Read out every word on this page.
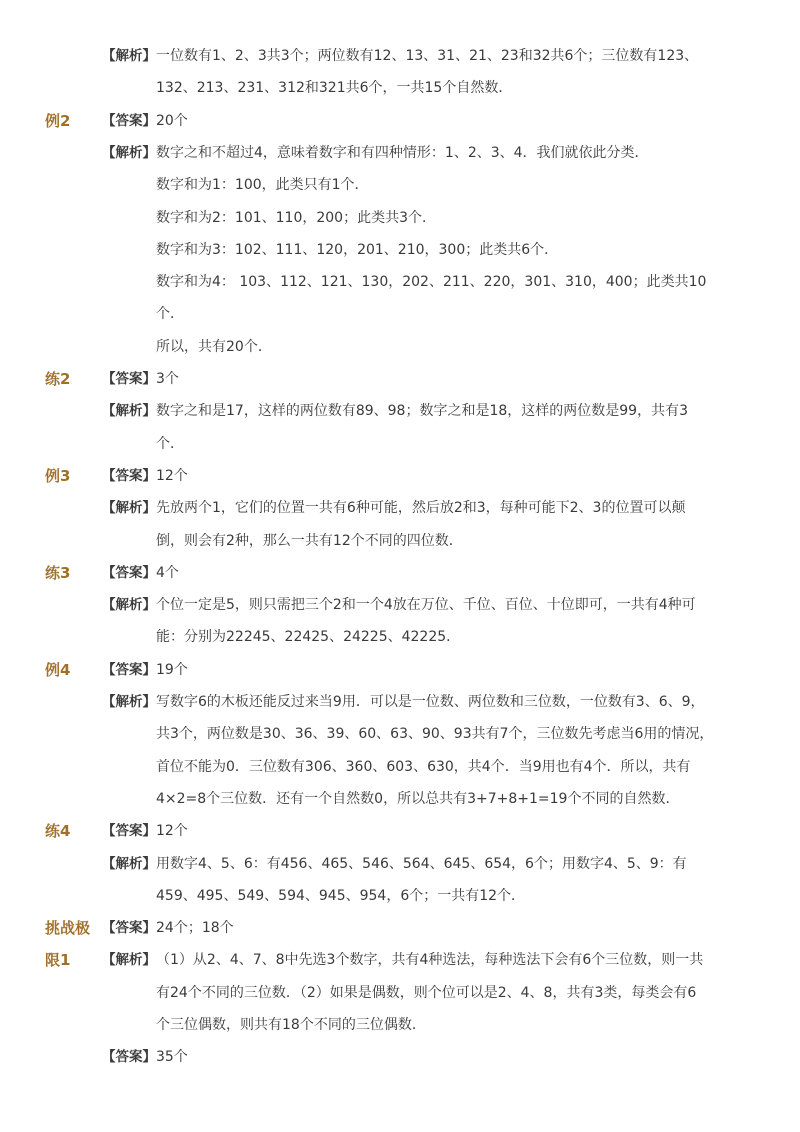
【解析】 一位数有1、2、3共3个；两位数有12、13、31、21、23和32共6个；三位数有123、
132、213、231、312和321共6个，一共15个自然数．
例2 【答案】 20个
【解析】 数字之和不超过4，意味着数字和有四种情形：1、2、3、4．我们就依此分类．
数字和为1：100，此类只有1个．
数字和为2：101、110，200；此类共3个．
数字和为3：102、111、120，201、210，300；此类共6个．
数字和为4： 103、112、121、130，202、211、220，301、310，400；此类共10
个．
所以，共有20个．
练2 【答案】 3个
【解析】 数字之和是17，这样的两位数有89、98；数字之和是18，这样的两位数是99，共有3
个．
例3 【答案】 12个
【解析】 先放两个1，它们的位置一共有6种可能，然后放2和3，每种可能下2、3的位置可以颠
倒，则会有2种，那么一共有12个不同的四位数．
练3 【答案】 4个
【解析】 个位一定是5，则只需把三个2和一个4放在万位、千位、百位、十位即可，一共有4种可
能：分别为22245、22425、24225、42225．
例4 【答案】 19个
【解析】 写数字6的木板还能反过来当9用．可以是一位数、两位数和三位数，一位数有3、6、9，
共3个，两位数是30、36、39、60、63、90、93共有7个，三位数先考虑当6用的情况，
首位不能为0．三位数有306、360、603、630，共4个．当9用也有4个．所以，共有
4×2=8个三位数．还有一个自然数0，所以总共有3+7+8+1=19个不同的自然数．
练4 【答案】 12个
【解析】 用数字4、5、6：有456、465、546、564、645、654，6个；用数字4、5、9：有
459、495、549、594、945、954，6个；一共有12个．
挑战极 【答案】 24个；18个
限1 【解析】 （1）从2、4、7、8中先选3个数字，共有4种选法，每种选法下会有6个三位数，则一共
有24个不同的三位数．（2）如果是偶数，则个位可以是2、4、8，共有3类，每类会有6
个三位偶数，则共有18个不同的三位偶数．
【答案】 35个
